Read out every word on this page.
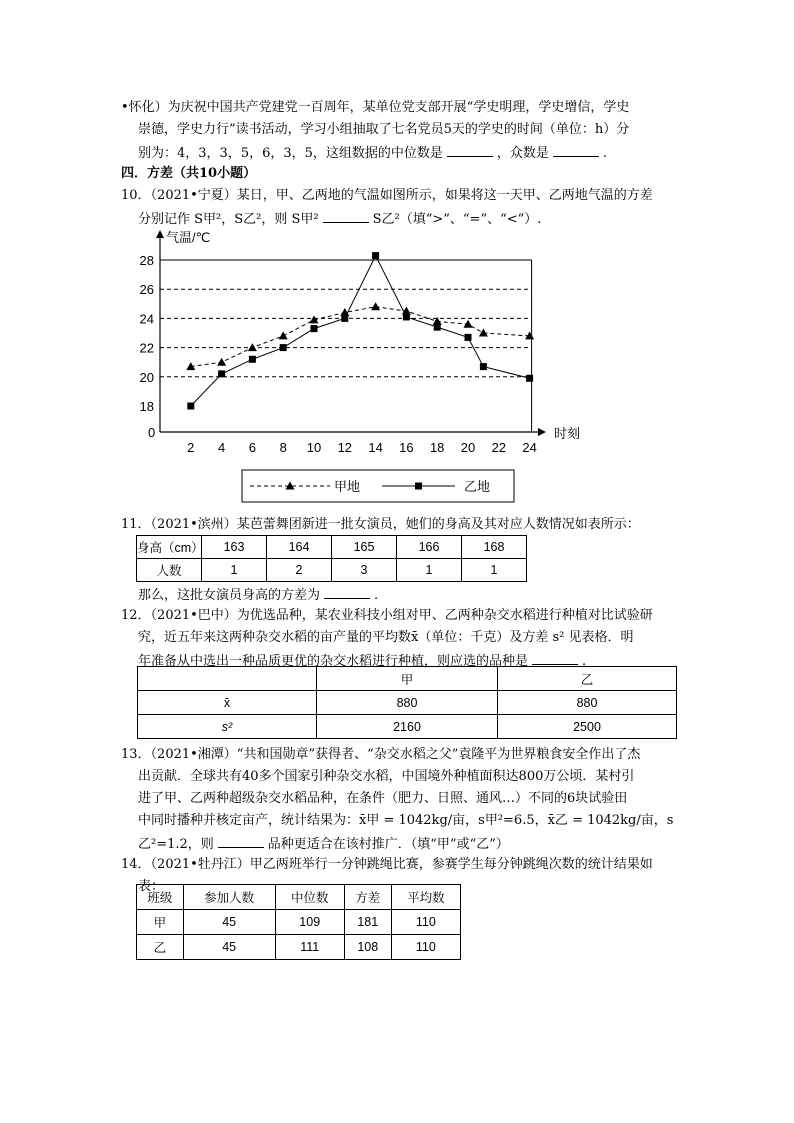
•怀化）为庆祝中国共产党建党一百周年，某单位党支部开展“学史明理，学史增信，学史
崇德，学史力行”读书活动，学习小组抽取了七名党员5天的学史的时间（单位：h）分
别为：4，3，3，5，6，3，5，这组数据的中位数是	，众数是	.
四．方差（共10小题）
10．（2021•宁夏）某日，甲、乙两地的气温如图所示，如果将这一天甲、乙两地气温的方差
分别记作 S甲²，S乙²，则 S甲²	S乙²（填“>”、“=”、“<”）.
气温/℃
时刻
0
18
20
22
24
26
28
2 4 6 8 10 12 14 16 18 20 22 24
甲地	乙地
11．（2021•滨州）某芭蕾舞团新进一批女演员，她们的身高及其对应人数情况如表所示：
身高（cm）	163	164	165	166	168
人数	1	2	3	1	1
那么，这批女演员身高的方差为	.
12．（2021•巴中）为优选品种，某农业科技小组对甲、乙两种杂交水稻进行种植对比试验研
究，近五年来这两种杂交水稻的亩产量的平均数x̄（单位：千克）及方差 s² 见表格．明
年准备从中选出一种品质更优的杂交水稻进行种植，则应选的品种是	.
	甲	乙
x̄	880	880
s²	2160	2500
13．（2021•湘潭）“共和国勋章”获得者、“杂交水稻之父”袁隆平为世界粮食安全作出了杰
出贡献．全球共有40多个国家引种杂交水稻，中国境外种植面积达800万公顷．某村引
进了甲、乙两种超级杂交水稻品种，在条件（肥力、日照、通风…）不同的6块试验田
中同时播种并核定亩产，统计结果为：x̄甲 = 1042kg/亩，s甲²=6.5，x̄乙 = 1042kg/亩，s
乙²=1.2，则	品种更适合在该村推广．（填“甲”或“乙”）
14．（2021•牡丹江）甲乙两班举行一分钟跳绳比赛，参赛学生每分钟跳绳次数的统计结果如
表：
班级	参加人数	中位数	方差	平均数
甲	45	109	181	110
乙	45	111	108	110
